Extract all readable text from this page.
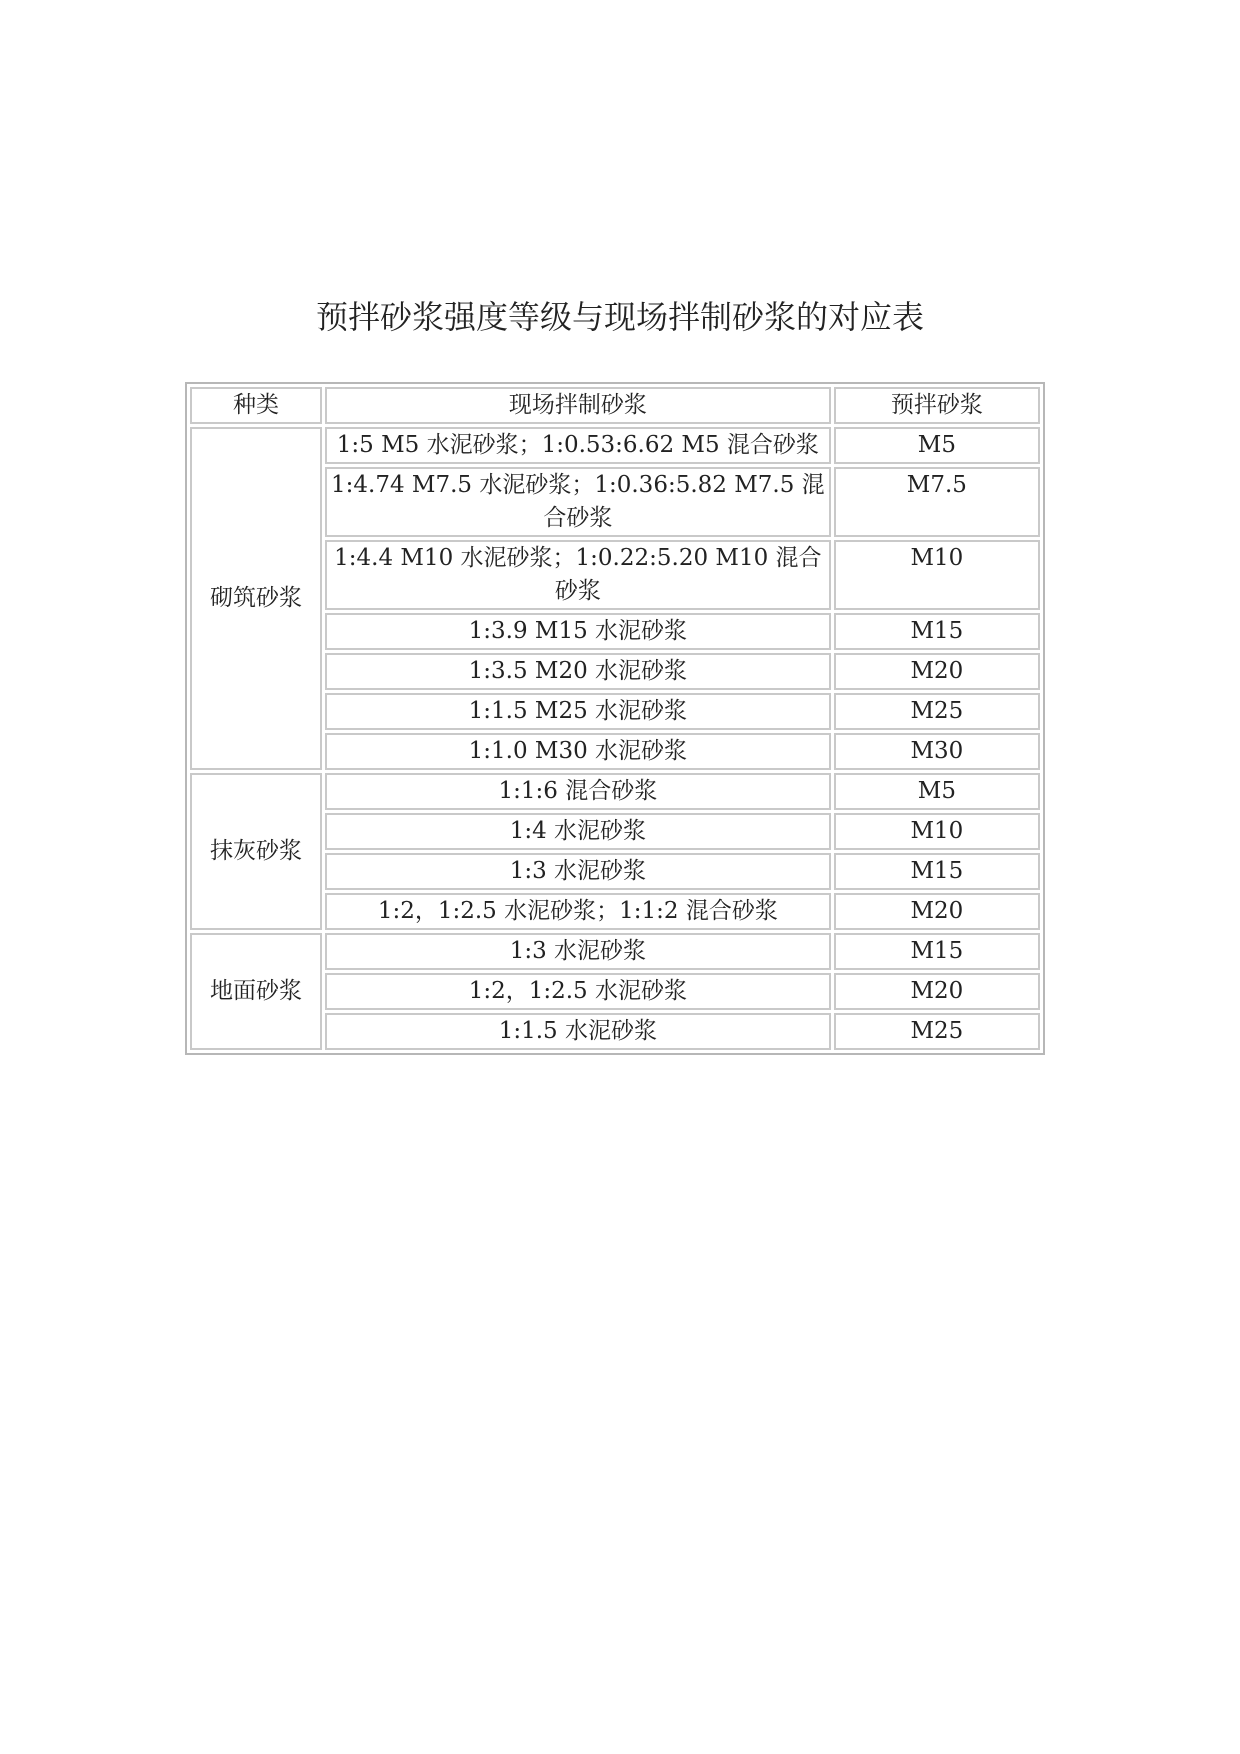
预拌砂浆强度等级与现场拌制砂浆的对应表
种类	现场拌制砂浆	预拌砂浆
砌筑砂浆	1:5 M5 水泥砂浆；1:0.53:6.62 M5 混合砂浆	M5
	1:4.74 M7.5 水泥砂浆；1:0.36:5.82 M7.5 混合砂浆	M7.5
	1:4.4 M10 水泥砂浆；1:0.22:5.20 M10 混合砂浆	M10
	1:3.9 M15 水泥砂浆	M15
	1:3.5 M20 水泥砂浆	M20
	1:1.5 M25 水泥砂浆	M25
	1:1.0 M30 水泥砂浆	M30
抹灰砂浆	1:1:6 混合砂浆	M5
	1:4 水泥砂浆	M10
	1:3 水泥砂浆	M15
	1:2，1:2.5 水泥砂浆；1:1:2 混合砂浆	M20
地面砂浆	1:3 水泥砂浆	M15
	1:2，1:2.5 水泥砂浆	M20
	1:1.5 水泥砂浆	M25
